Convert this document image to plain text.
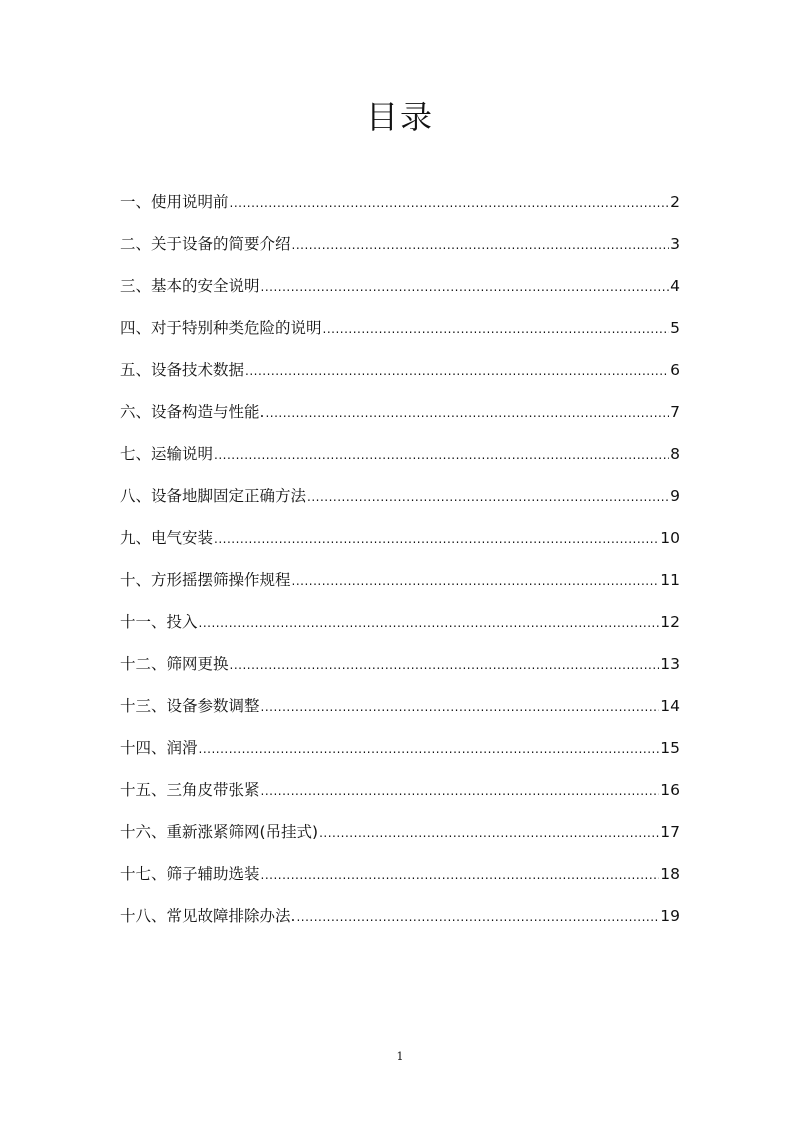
目录
一、使用说明前 .....	2
二、关于设备的简要介绍 .....	3
三、基本的安全说明 .....	4
四、对于特别种类危险的说明 .....	5
五、设备技术数据 .....	6
六、设备构造与性能. .....	7
七、运输说明 .....	8
八、设备地脚固定正确方法 .....	9
九、电气安装 .....	10
十、方形摇摆筛操作规程 .....	11
十一、投入 .....	12
十二、筛网更换 .....	13
十三、设备参数调整 .....	14
十四、润滑 .....	15
十五、三角皮带张紧 .....	16
十六、重新涨紧筛网(吊挂式) .....	17
十七、筛子辅助选装 .....	18
十八、常见故障排除办法. .....	19
1
